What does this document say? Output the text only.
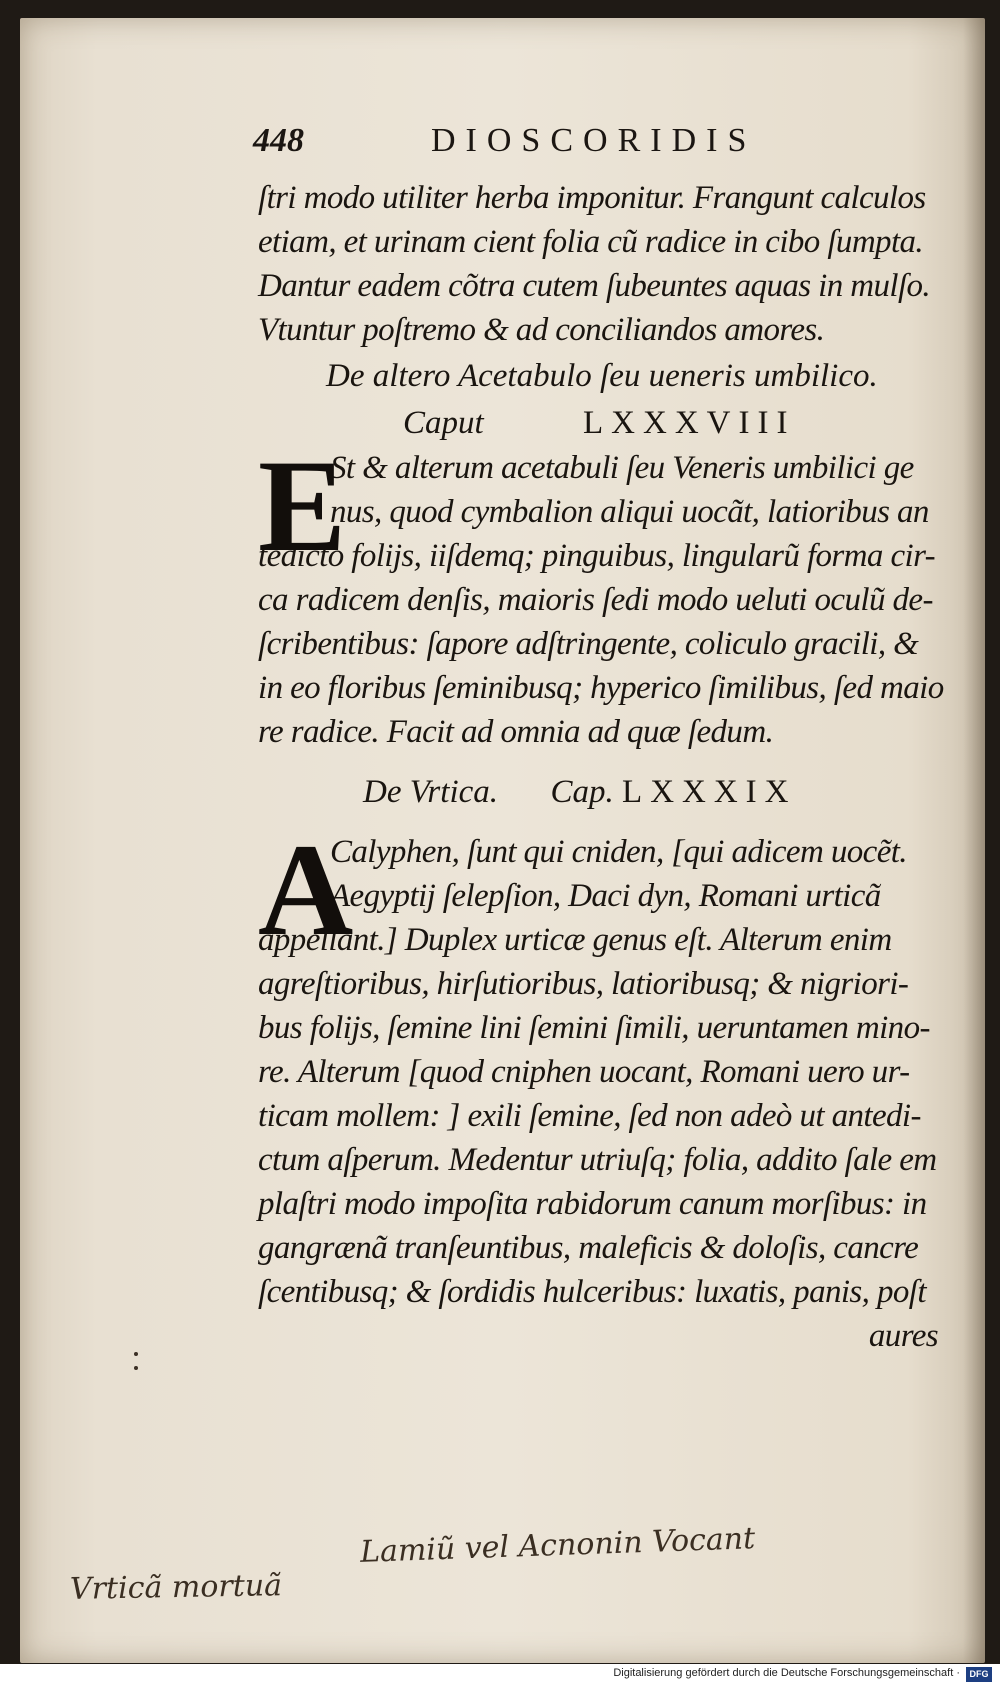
448	DIOSCORIDIS
ſtri modo utiliter herba imponitur. Frangunt calculos
etiam, et urinam cient folia cũ radice in cibo ſumpta.
Dantur eadem cõtra cutem ſubeuntes aquas in mulſo.
Vtuntur poſtremo & ad conciliandos amores.
De altero Acetabulo ſeu ueneris umbilico.
Caput	LXXXVIII
E
St & alterum acetabuli ſeu Veneris umbilici ge
nus, quod cymbalion aliqui uocãt, latioribus an
tedicto folijs, iiſdemq; pinguibus, lingularũ forma cir-
ca radicem denſis, maioris ſedi modo ueluti oculũ de-
ſcribentibus: ſapore adſtringente, coliculo gracili, &
in eo floribus ſeminibusq; hyperico ſimilibus, ſed maio
re radice. Facit ad omnia ad quæ ſedum.
De Vrtica. Cap. LXXXIX
A
Calyphen, ſunt qui cniden, [qui adicem uocẽt.
Aegyptij ſelepſion, Daci dyn, Romani urticã
appellant.] Duplex urticæ genus eſt. Alterum enim
agreſtioribus, hirſutioribus, latioribusq; & nigriori-
bus folijs, ſemine lini ſemini ſimili, ueruntamen mino-
re. Alterum [quod cniphen uocant, Romani uero ur-
ticam mollem: ] exili ſemine, ſed non adeò ut antedi-
ctum aſperum. Medentur utriuſq; folia, addito ſale em
plaſtri modo impoſita rabidorum canum morſibus: in
gangrænã tranſeuntibus, maleficis & doloſis, cancre
ſcentibusq; & ſordidis hulceribus: luxatis, panis, poſt
aures
Lamiũ vel Acnonin Vocant
Vrticã mortuã
Digitalisierung gefördert durch die Deutsche Forschungsgemeinschaft ·	DFG
